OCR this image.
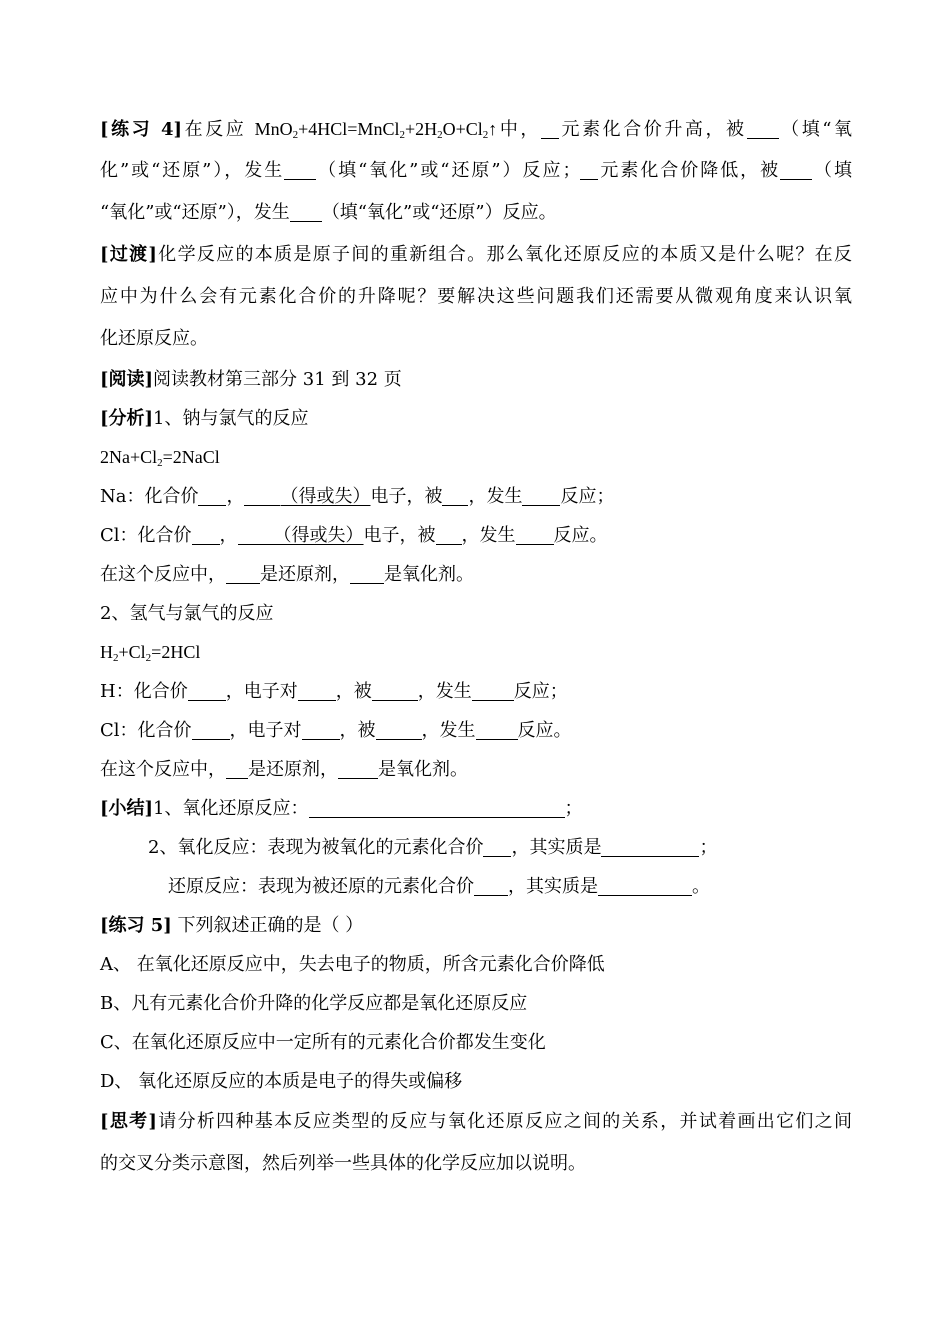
[练习 4]在反应 $MnO_2+4HCl=MnCl_2+2H_2O+Cl_2↑$中， 元素化合价升高，被 （填“氧
化”或“还原”），发生 （填“氧化”或“还原”）反应； 元素化合价降低，被 （填
“氧化”或“还原”），发生 （填“氧化”或“还原”）反应。
[过渡]化学反应的本质是原子间的重新组合。那么氧化还原反应的本质又是什么呢？在反
应中为什么会有元素化合价的升降呢？要解决这些问题我们还需要从微观角度来认识氧
化还原反应。
[阅读]阅读教材第三部分 31 到 32 页
[分析]1、钠与氯气的反应
$2Na+Cl_2=2NaCl$
Na：化合价 ， （得或失）电子，被 ，发生 反应；
Cl：化合价 ， （得或失）电子，被 ，发生 反应。
在这个反应中， 是还原剂， 是氧化剂。
2、氢气与氯气的反应
$H_2+Cl_2=2HCl$
H：化合价 ，电子对 ，被	，发生 反应；
Cl：化合价 ，电子对 ，被	，发生 反应。
在这个反应中， 是还原剂， 是氧化剂。
[小结]1、氧化还原反应：	；
2、氧化反应：表现为被氧化的元素化合价 ，其实质是	；
还原反应：表现为被还原的元素化合价 ，其实质是	。
[练习 5] 下列叙述正确的是（ ）
A、 在氧化还原反应中，失去电子的物质，所含元素化合价降低
B、凡有元素化合价升降的化学反应都是氧化还原反应
C、在氧化还原反应中一定所有的元素化合价都发生变化
D、 氧化还原反应的本质是电子的得失或偏移
[思考]请分析四种基本反应类型的反应与氧化还原反应之间的关系，并试着画出它们之间
的交叉分类示意图，然后列举一些具体的化学反应加以说明。
